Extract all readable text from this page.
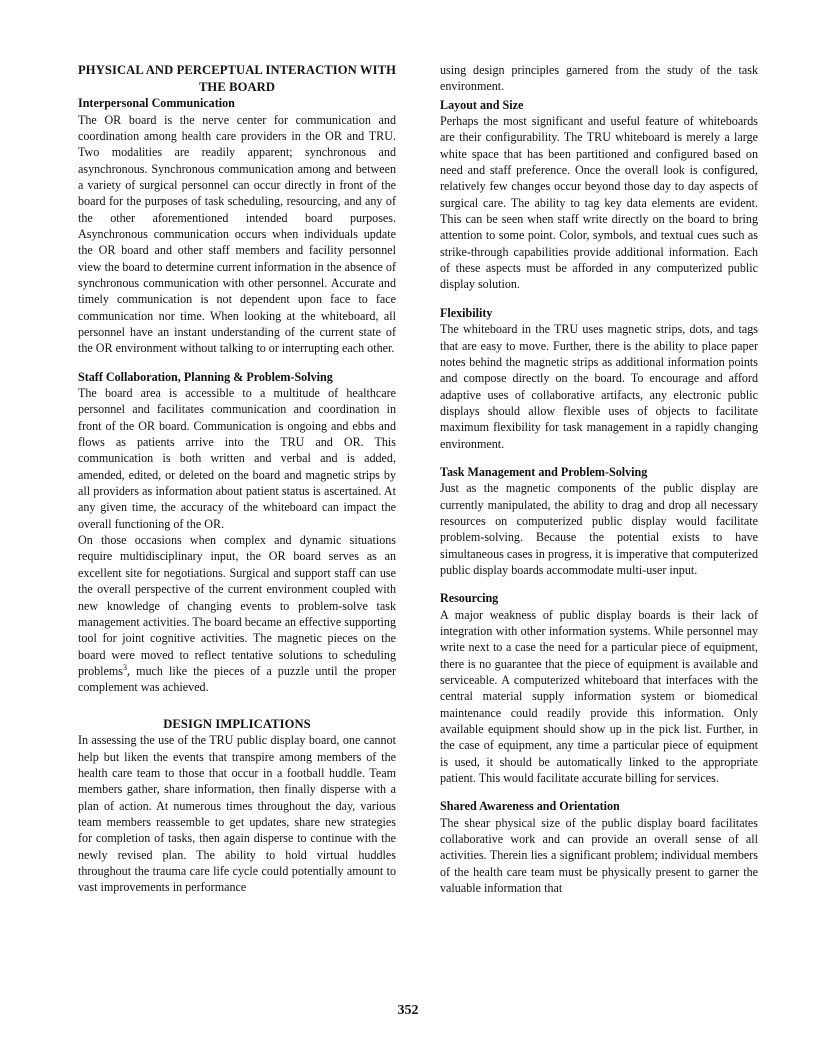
PHYSICAL AND PERCEPTUAL INTERACTION WITH THE BOARD
Interpersonal Communication

The OR board is the nerve center for communication and coordination among health care providers in the OR and TRU. Two modalities are readily apparent; synchronous and asynchronous. Synchronous communication among and between a variety of surgical personnel can occur directly in front of the board for the purposes of task scheduling, resourcing, and any of the other aforementioned intended board purposes. Asynchronous communication occurs when individuals update the OR board and other staff members and facility personnel view the board to determine current information in the absence of synchronous communication with other personnel. Accurate and timely communication is not dependent upon face to face communication nor time. When looking at the whiteboard, all personnel have an instant understanding of the current state of the OR environment without talking to or interrupting each other.

Staff Collaboration, Planning & Problem-Solving

The board area is accessible to a multitude of healthcare personnel and facilitates communication and coordination in front of the OR board. Communication is ongoing and ebbs and flows as patients arrive into the TRU and OR. This communication is both written and verbal and is added, amended, edited, or deleted on the board and magnetic strips by all providers as information about patient status is ascertained. At any given time, the accuracy of the whiteboard can impact the overall functioning of the OR.

On those occasions when complex and dynamic situations require multidisciplinary input, the OR board serves as an excellent site for negotiations. Surgical and support staff can use the overall perspective of the current environment coupled with new knowledge of changing events to problem-solve task management activities. The board became an effective supporting tool for joint cognitive activities. The magnetic pieces on the board were moved to reflect tentative solutions to scheduling problems$^3$, much like the pieces of a puzzle until the proper complement was achieved.

DESIGN IMPLICATIONS

In assessing the use of the TRU public display board, one cannot help but liken the events that transpire among members of the health care team to those that occur in a football huddle. Team members gather, share information, then finally disperse with a plan of action. At numerous times throughout the day, various team members reassemble to get updates, share new strategies for completion of tasks, then again disperse to continue with the newly revised plan. The ability to hold virtual huddles throughout the trauma care life cycle could potentially amount to vast improvements in performance

using design principles garnered from the study of the task environment.

Layout and Size

Perhaps the most significant and useful feature of whiteboards are their configurability. The TRU whiteboard is merely a large white space that has been partitioned and configured based on need and staff preference. Once the overall look is configured, relatively few changes occur beyond those day to day aspects of surgical care. The ability to tag key data elements are evident. This can be seen when staff write directly on the board to bring attention to some point. Color, symbols, and textual cues such as strike-through capabilities provide additional information. Each of these aspects must be afforded in any computerized public display solution.

Flexibility

The whiteboard in the TRU uses magnetic strips, dots, and tags that are easy to move. Further, there is the ability to place paper notes behind the magnetic strips as additional information points and compose directly on the board. To encourage and afford adaptive uses of collaborative artifacts, any electronic public displays should allow flexible uses of objects to facilitate maximum flexibility for task management in a rapidly changing environment.

Task Management and Problem-Solving

Just as the magnetic components of the public display are currently manipulated, the ability to drag and drop all necessary resources on computerized public display would facilitate problem-solving. Because the potential exists to have simultaneous cases in progress, it is imperative that computerized public display boards accommodate multi-user input.

Resourcing

A major weakness of public display boards is their lack of integration with other information systems. While personnel may write next to a case the need for a particular piece of equipment, there is no guarantee that the piece of equipment is available and serviceable. A computerized whiteboard that interfaces with the central material supply information system or biomedical maintenance could readily provide this information. Only available equipment should show up in the pick list. Further, in the case of equipment, any time a particular piece of equipment is used, it should be automatically linked to the appropriate patient. This would facilitate accurate billing for services.

Shared Awareness and Orientation

The shear physical size of the public display board facilitates collaborative work and can provide an overall sense of all activities. Therein lies a significant problem; individual members of the health care team must be physically present to garner the valuable information that

352
